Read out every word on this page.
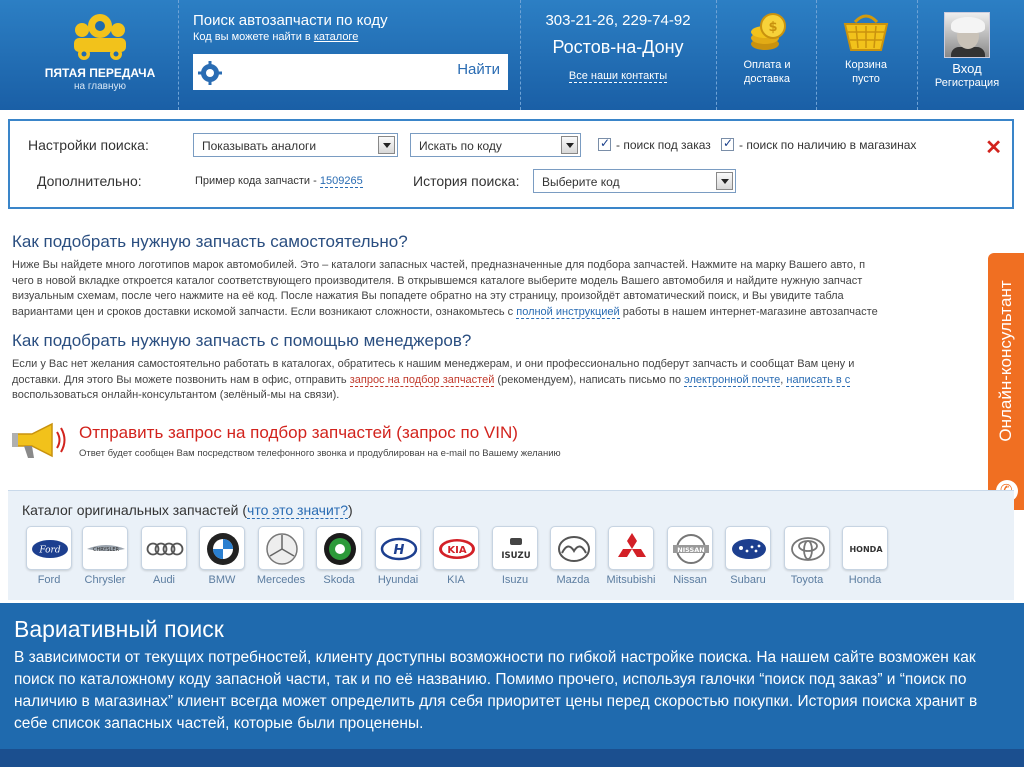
ПЯТАЯ ПЕРЕДАЧА
на главную
Поиск автозапчасти по коду
Код вы можете найти в каталоге
Найти
303-21-26, 229-74-92
Ростов-на-Дону
Все наши контакты
$
Оплата и
доставка
Корзина
пусто
Вход
Регистрация
Настройки поиска:	Показывать аналоги	Искать по коду ✓	- поиск под заказ ✓ - поиск по наличию в магазинах	✕
Дополнительно:	Пример кода запчасти - 1509265	История поиска:	Выберите код
Как подобрать нужную запчасть самостоятельно?
Ниже Вы найдете много логотипов марок автомобилей. Это – каталоги запасных частей, предназначенные для подбора запчастей. Нажмите на марку Вашего авто, п
чего в новой вкладке откроется каталог соответствующего производителя. В открывшемся каталоге выберите модель Вашего автомобиля и найдите нужную запчаст
визуальным схемам, после чего нажмите на её код. После нажатия Вы попадете обратно на эту страницу, произойдёт автоматический поиск, и Вы увидите табла
вариантами цен и сроков доставки искомой запчасти. Если возникают сложности, ознакомьтесь с полной инструкцией работы в нашем интернет-магазине автозапчасте
Как подобрать нужную запчасть с помощью менеджеров?
Если у Вас нет желания самостоятельно работать в каталогах, обратитесь к нашим менеджерам, и они профессионально подберут запчасть и сообщат Вам цену и
доставки. Для этого Вы можете позвонить нам в офис, отправить запрос на подбор запчастей (рекомендуем), написать письмо по электронной почте, написать в с
воспользоваться онлайн-консультантом (зелёный-мы на связи).
Отправить запрос на подбор запчастей (запрос по VIN)
Ответ будет сообщен Вам посредством телефонного звонка и продублирован на e-mail по Вашему желанию
Онлайн-консультант
✆
Каталог оригинальных запчастей (что это значит?)
Ford
Ford
CHRYSLER
Chrysler	Audi	BMW	Mercedes	Skoda
H
Hyundai
KIA
KIA
ISUZU
Isuzu	Mazda	Mitsubishi
NISSAN
Nissan	Subaru	Toyota
HONDA
Honda
Вариативный поиск

В зависимости от текущих потребностей, клиенту доступны возможности по гибкой настройке поиска. На нашем сайте возможен как поиск по каталожному коду запасной части, так и по её названию. Помимо прочего, используя галочки “поиск под заказ” и “поиск по наличию в магазинах” клиент всегда может определить для себя приоритет цены перед скоростью покупки. История поиска хранит в себе список запасных частей, которые были проценены.
